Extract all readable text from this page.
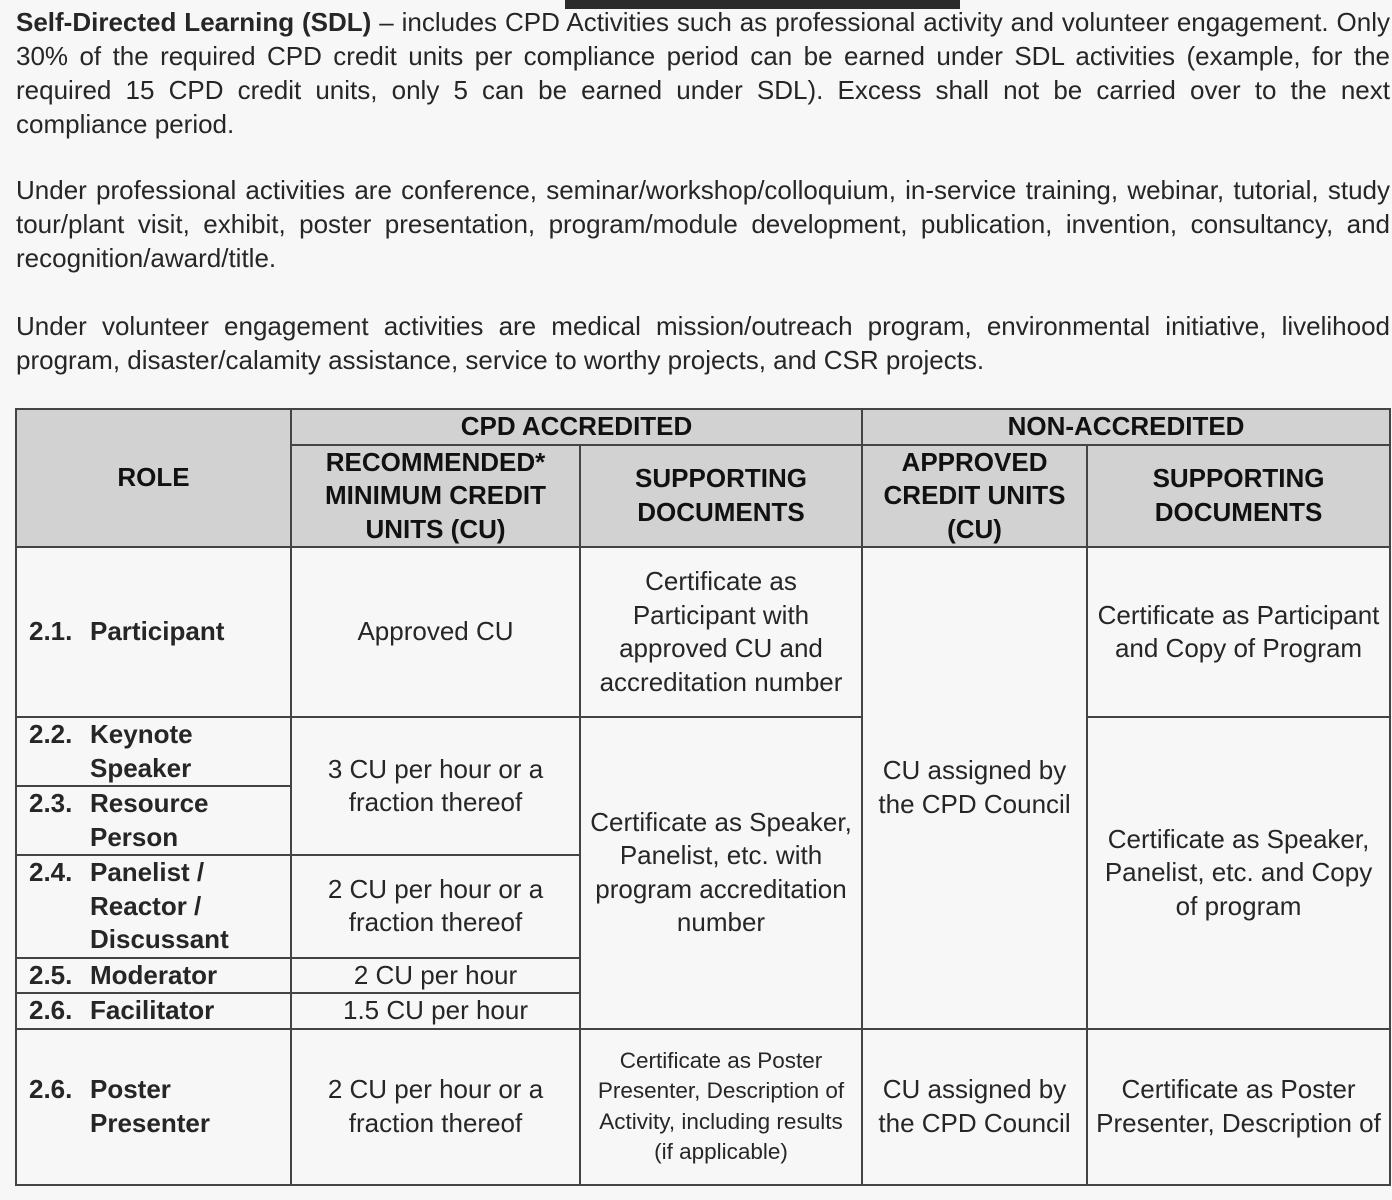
Self-Directed Learning (SDL) – includes CPD Activities such as professional activity and volunteer engagement. Only 30% of the required CPD credit units per compliance period can be earned under SDL activities (example, for the required 15 CPD credit units, only 5 can be earned under SDL). Excess shall not be carried over to the next compliance period.

Under professional activities are conference, seminar/workshop/colloquium, in-service training, webinar, tutorial, study tour/plant visit, exhibit, poster presentation, program/module development, publication, invention, consultancy, and recognition/award/title.

Under volunteer engagement activities are medical mission/outreach program, environmental initiative, livelihood program, disaster/calamity assistance, service to worthy projects, and CSR projects.

ROLE	CPD ACCREDITED		NON-ACCREDITED	
	RECOMMENDED* MINIMUM CREDIT UNITS (CU)	SUPPORTING DOCUMENTS	APPROVED CREDIT UNITS (CU)	SUPPORTING DOCUMENTS
2.1. Participant	Approved CU	Certificate as Participant with approved CU and accreditation number	CU assigned by the CPD Council	Certificate as Participant and Copy of Program
2.2. Keynote Speaker	3 CU per hour or a fraction thereof	Certificate as Speaker, Panelist, etc. with program accreditation number		Certificate as Speaker, Panelist, etc. and Copy of program
2.3. Resource Person				
2.4. Panelist / Reactor / Discussant	2 CU per hour or a fraction thereof			
2.5. Moderator	2 CU per hour			
2.6. Facilitator	1.5 CU per hour			
2.6. Poster Presenter	2 CU per hour or a fraction thereof	Certificate as Poster Presenter, Description of Activity, including results (if applicable)	CU assigned by the CPD Council	Certificate as Poster Presenter, Description of
